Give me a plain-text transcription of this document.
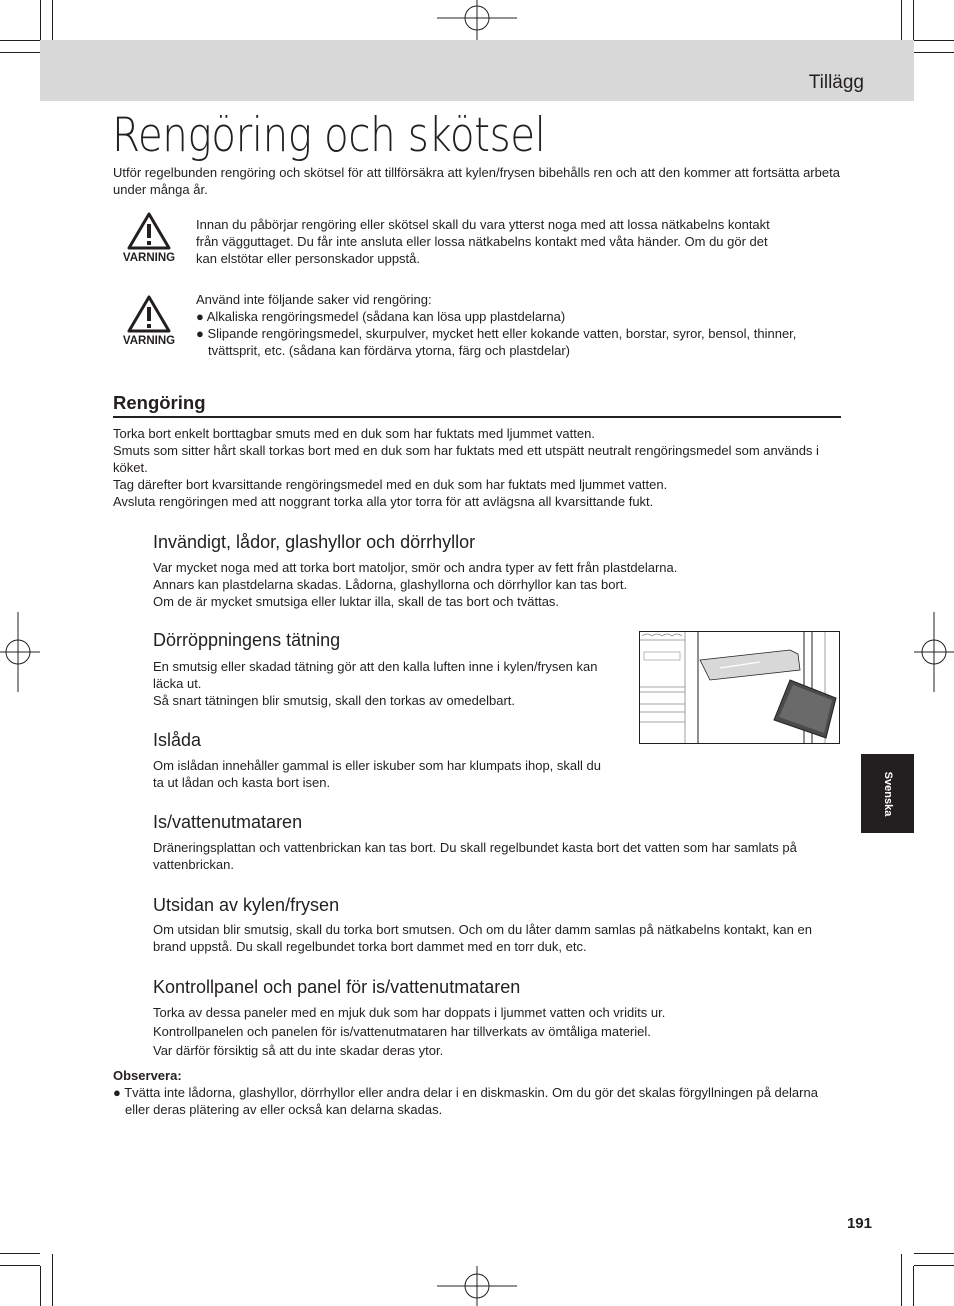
Tillägg
Rengöring och skötsel
Utför regelbunden rengöring och skötsel för att tillförsäkra att kylen/frysen bibehålls ren och att den kommer att fortsätta arbeta under många år.
VARNING
Innan du påbörjar rengöring eller skötsel skall du vara ytterst noga med att lossa nätkabelns kontakt
från vägguttaget. Du får inte ansluta eller lossa nätkabelns kontakt med våta händer. Om du gör det
kan elstötar eller personskador uppstå.
VARNING
Använd inte följande saker vid rengöring:
● Alkaliska rengöringsmedel (sådana kan lösa upp plastdelarna)
● Slipande rengöringsmedel, skurpulver, mycket hett eller kokande vatten, borstar, syror, bensol, thinner, tvättsprit, etc. (sådana kan fördärva ytorna, färg och plastdelar)
Rengöring
Torka bort enkelt borttagbar smuts med en duk som har fuktats med ljummet vatten.
Smuts som sitter hårt skall torkas bort med en duk som har fuktats med ett utspätt neutralt rengöringsmedel som används i köket.
Tag därefter bort kvarsittande rengöringsmedel med en duk som har fuktats med ljummet vatten.
Avsluta rengöringen med att noggrant torka alla ytor torra för att avlägsna all kvarsittande fukt.
Invändigt, lådor, glashyllor och dörrhyllor
Var mycket noga med att torka bort matoljor, smör och andra typer av fett från plastdelarna.
Annars kan plastdelarna skadas. Lådorna, glashyllorna och dörrhyllor kan tas bort.
Om de är mycket smutsiga eller luktar illa, skall de tas bort och tvättas.
Dörröppningens tätning
En smutsig eller skadad tätning gör att den kalla luften inne i kylen/frysen kan läcka ut.
Så snart tätningen blir smutsig, skall den torkas av omedelbart.
Islåda
Om islådan innehåller gammal is eller iskuber som har klumpats ihop, skall du ta ut lådan och kasta bort isen.
Is/vattenutmataren
Dräneringsplattan och vattenbrickan kan tas bort. Du skall regelbundet kasta bort det vatten som har samlats på vattenbrickan.
Utsidan av kylen/frysen
Om utsidan blir smutsig, skall du torka bort smutsen. Och om du låter damm samlas på nätkabelns kontakt, kan en brand uppstå. Du skall regelbundet torka bort dammet med en torr duk, etc.
Kontrollpanel och panel för is/vattenutmataren
Torka av dessa paneler med en mjuk duk som har doppats i ljummet vatten och vridits ur.
Kontrollpanelen och panelen för is/vattenutmataren har tillverkats av ömtåliga materiel.
Var därför försiktig så att du inte skadar deras ytor.
Observera:
● Tvätta inte lådorna, glashyllor, dörrhyllor eller andra delar i en diskmaskin. Om du gör det skalas förgyllningen på delarna eller deras plätering av eller också kan delarna skadas.
Svenska
191
